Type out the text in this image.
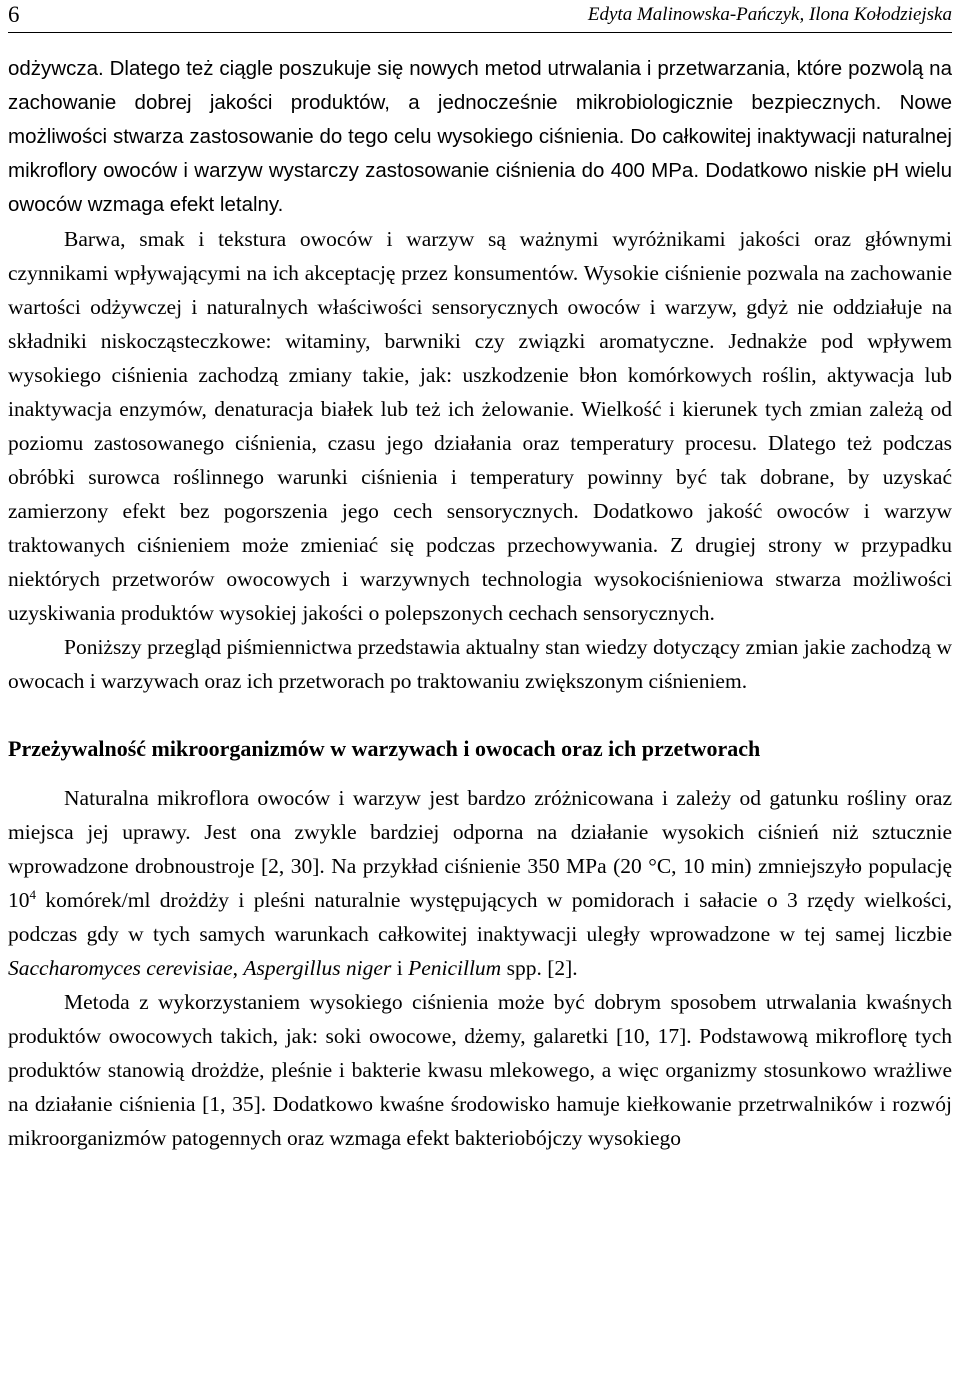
6	Edyta Malinowska-Pańczyk, Ilona Kołodziejska

odżywcza. Dlatego też ciągle poszukuje się nowych metod utrwalania i przetwarzania, które pozwolą na zachowanie dobrej jakości produktów, a jednocześnie mikrobiologicznie bezpiecznych. Nowe możliwości stwarza zastosowanie do tego celu wysokiego ciśnienia. Do całkowitej inaktywacji naturalnej mikroflory owoców i warzyw wystarczy zastosowanie ciśnienia do 400 MPa. Dodatkowo niskie pH wielu owoców wzmaga efekt letalny.

Barwa, smak i tekstura owoców i warzyw są ważnymi wyróżnikami jakości oraz głównymi czynnikami wpływającymi na ich akceptację przez konsumentów. Wysokie ciśnienie pozwala na zachowanie wartości odżywczej i naturalnych właściwości sensorycznych owoców i warzyw, gdyż nie oddziałuje na składniki niskocząsteczkowe: witaminy, barwniki czy związki aromatyczne. Jednakże pod wpływem wysokiego ciśnienia zachodzą zmiany takie, jak: uszkodzenie błon komórkowych roślin, aktywacja lub inaktywacja enzymów, denaturacja białek lub też ich żelowanie. Wielkość i kierunek tych zmian zależą od poziomu zastosowanego ciśnienia, czasu jego działania oraz temperatury procesu. Dlatego też podczas obróbki surowca roślinnego warunki ciśnienia i temperatury powinny być tak dobrane, by uzyskać zamierzony efekt bez pogorszenia jego cech sensorycznych. Dodatkowo jakość owoców i warzyw traktowanych ciśnieniem może zmieniać się podczas przechowywania. Z drugiej strony w przypadku niektórych przetworów owocowych i warzywnych technologia wysokociśnieniowa stwarza możliwości uzyskiwania produktów wysokiej jakości o polepszonych cechach sensorycznych.

Poniższy przegląd piśmiennictwa przedstawia aktualny stan wiedzy dotyczący zmian jakie zachodzą w owocach i warzywach oraz ich przetworach po traktowaniu zwiększonym ciśnieniem.

Przeżywalność mikroorganizmów w warzywach i owocach oraz ich przetworach

Naturalna mikroflora owoców i warzyw jest bardzo zróżnicowana i zależy od gatunku rośliny oraz miejsca jej uprawy. Jest ona zwykle bardziej odporna na działanie wysokich ciśnień niż sztucznie wprowadzone drobnoustroje [2, 30]. Na przykład ciśnienie 350 MPa (20 °C, 10 min) zmniejszyło populację $10^4$ komórek/ml drożdży i pleśni naturalnie występujących w pomidorach i sałacie o 3 rzędy wielkości, podczas gdy w tych samych warunkach całkowitej inaktywacji uległy wprowadzone w tej samej liczbie Saccharomyces cerevisiae, Aspergillus niger i Penicillum spp. [2].

Metoda z wykorzystaniem wysokiego ciśnienia może być dobrym sposobem utrwalania kwaśnych produktów owocowych takich, jak: soki owocowe, dżemy, galaretki [10, 17]. Podstawową mikroflorę tych produktów stanowią drożdże, pleśnie i bakterie kwasu mlekowego, a więc organizmy stosunkowo wrażliwe na działanie ciśnienia [1, 35]. Dodatkowo kwaśne środowisko hamuje kiełkowanie przetrwalników i rozwój mikroorganizmów patogennych oraz wzmaga efekt bakteriobójczy wysokiego
